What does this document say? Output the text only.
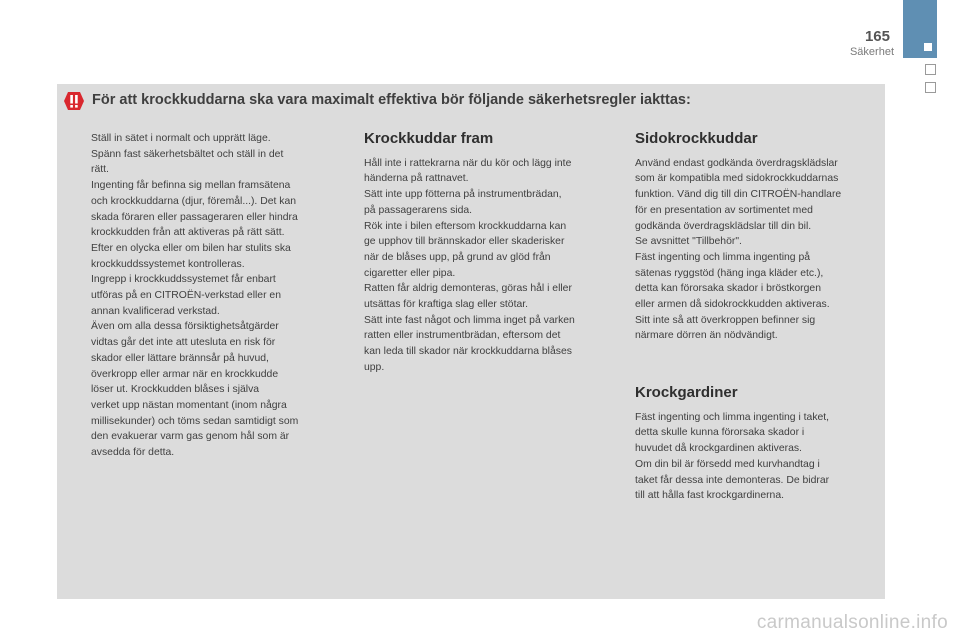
165
Säkerhet
För att krockkuddarna ska vara maximalt effektiva bör följande säkerhetsregler iakttas:

Ställ in sätet i normalt och upprätt läge.

Spänn fast säkerhetsbältet och ställ in det

rätt.

Ingenting får befinna sig mellan framsätena

och krockkuddarna (djur, föremål...). Det kan

skada föraren eller passageraren eller hindra

krockkudden från att aktiveras på rätt sätt.

Efter en olycka eller om bilen har stulits ska

krockkuddssystemet kontrolleras.

Ingrepp i krockkuddssystemet får enbart

utföras på en CITROËN-verkstad eller en

annan kvalificerad verkstad.

Även om alla dessa försiktighetsåtgärder

vidtas går det inte att utesluta en risk för

skador eller lättare brännsår på huvud,

överkropp eller armar när en krockkudde

löser ut. Krockkudden blåses i själva

verket upp nästan momentant (inom några

millisekunder) och töms sedan samtidigt som

den evakuerar varm gas genom hål som är

avsedda för detta.

Krockkuddar fram

Håll inte i rattekrarna när du kör och lägg inte

händerna på rattnavet.

Sätt inte upp fötterna på instrumentbrädan,

på passagerarens sida.

Rök inte i bilen eftersom krockkuddarna kan

ge upphov till brännskador eller skaderisker

när de blåses upp, på grund av glöd från

cigaretter eller pipa.

Ratten får aldrig demonteras, göras hål i eller

utsättas för kraftiga slag eller stötar.

Sätt inte fast något och limma inget på varken

ratten eller instrumentbrädan, eftersom det

kan leda till skador när krockkuddarna blåses

upp.

Sidokrockkuddar

Använd endast godkända överdragsklädslar

som är kompatibla med sidokrockkuddarnas

funktion. Vänd dig till din CITROËN-handlare

för en presentation av sortimentet med

godkända överdragsklädslar till din bil.

Se avsnittet "Tillbehör".

Fäst ingenting och limma ingenting på

sätenas ryggstöd (häng inga kläder etc.),

detta kan förorsaka skador i bröstkorgen

eller armen då sidokrockkudden aktiveras.

Sitt inte så att överkroppen befinner sig

närmare dörren än nödvändigt.

Krockgardiner

Fäst ingenting och limma ingenting i taket,

detta skulle kunna förorsaka skador i

huvudet då krockgardinen aktiveras.

Om din bil är försedd med kurvhandtag i

taket får dessa inte demonteras. De bidrar

till att hålla fast krockgardinerna.

carmanualsonline.info
